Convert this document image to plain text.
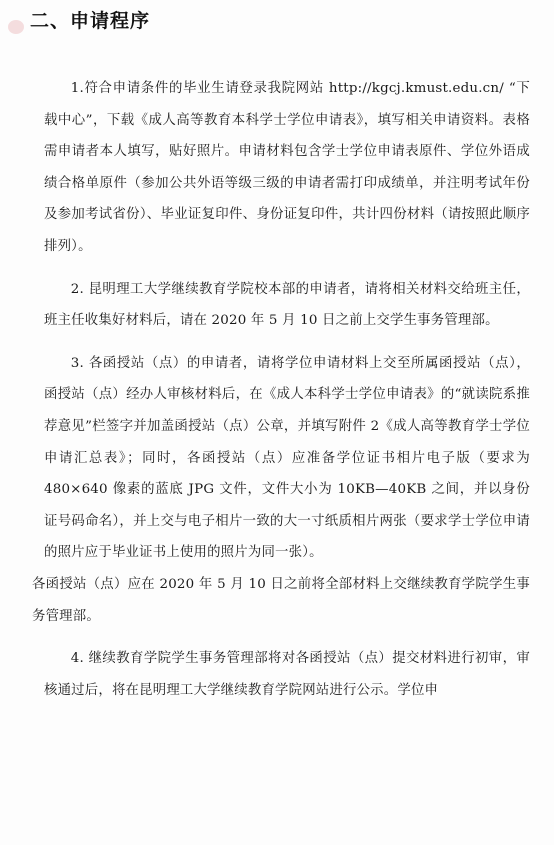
二、申请程序

1.符合申请条件的毕业生请登录我院网站 http://kgcj.kmust.edu.cn/ “下载中心”，下载《成人高等教育本科学士学位申请表》，填写相关申请资料。表格需申请者本人填写，贴好照片。申请材料包含学士学位申请表原件、学位外语成绩合格单原件（参加公共外语等级三级的申请者需打印成绩单，并注明考试年份及参加考试省份）、毕业证复印件、身份证复印件，共计四份材料（请按照此顺序排列）。

2. 昆明理工大学继续教育学院校本部的申请者，请将相关材料交给班主任，班主任收集好材料后，请在 2020 年 5 月 10 日之前上交学生事务管理部。

3. 各函授站（点）的申请者，请将学位申请材料上交至所属函授站（点），函授站（点）经办人审核材料后，在《成人本科学士学位申请表》的“就读院系推荐意见”栏签字并加盖函授站（点）公章，并填写附件 2《成人高等教育学士学位申请汇总表》；同时，各函授站（点）应准备学位证书相片电子版（要求为 480×640 像素的蓝底 JPG 文件，文件大小为 10KB—40KB 之间，并以身份证号码命名），并上交与电子相片一致的大一寸纸质相片两张（要求学士学位申请的照片应于毕业证书上使用的照片为同一张）。

各函授站（点）应在 2020 年 5 月 10 日之前将全部材料上交继续教育学院学生事务管理部。

4. 继续教育学院学生事务管理部将对各函授站（点）提交材料进行初审，审核通过后，将在昆明理工大学继续教育学院网站进行公示。学位申
